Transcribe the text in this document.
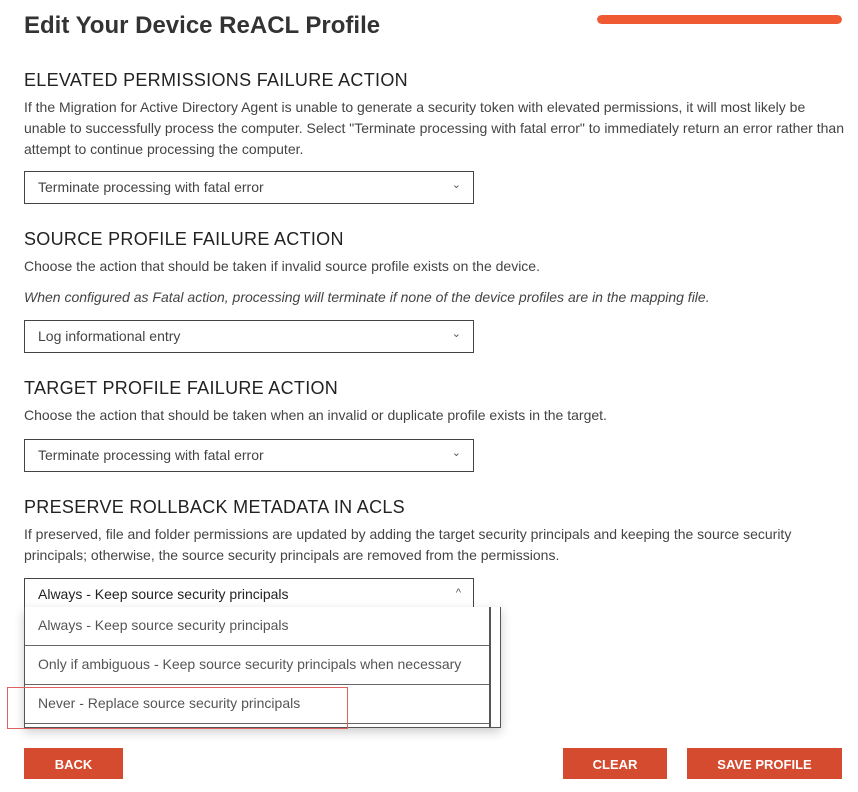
Edit Your Device ReACL Profile
ELEVATED PERMISSIONS FAILURE ACTION

If the Migration for Active Directory Agent is unable to generate a security token with elevated permissions, it will most likely be unable to successfully process the computer. Select "Terminate processing with fatal error" to immediately return an error rather than attempt to continue processing the computer.

Terminate processing with fatal error	⌄
SOURCE PROFILE FAILURE ACTION

Choose the action that should be taken if invalid source profile exists on the device.

When configured as Fatal action, processing will terminate if none of the device profiles are in the mapping file.

Log informational entry	⌄
TARGET PROFILE FAILURE ACTION

Choose the action that should be taken when an invalid or duplicate profile exists in the target.

Terminate processing with fatal error	⌄
PRESERVE ROLLBACK METADATA IN ACLS

If preserved, file and folder permissions are updated by adding the target security principals and keeping the source security principals; otherwise, the source security principals are removed from the permissions.

Always - Keep source security principals	^
Always - Keep source security principals
Only if ambiguous - Keep source security principals when necessary
Never - Replace source security principals
BACK	CLEAR	SAVE PROFILE
